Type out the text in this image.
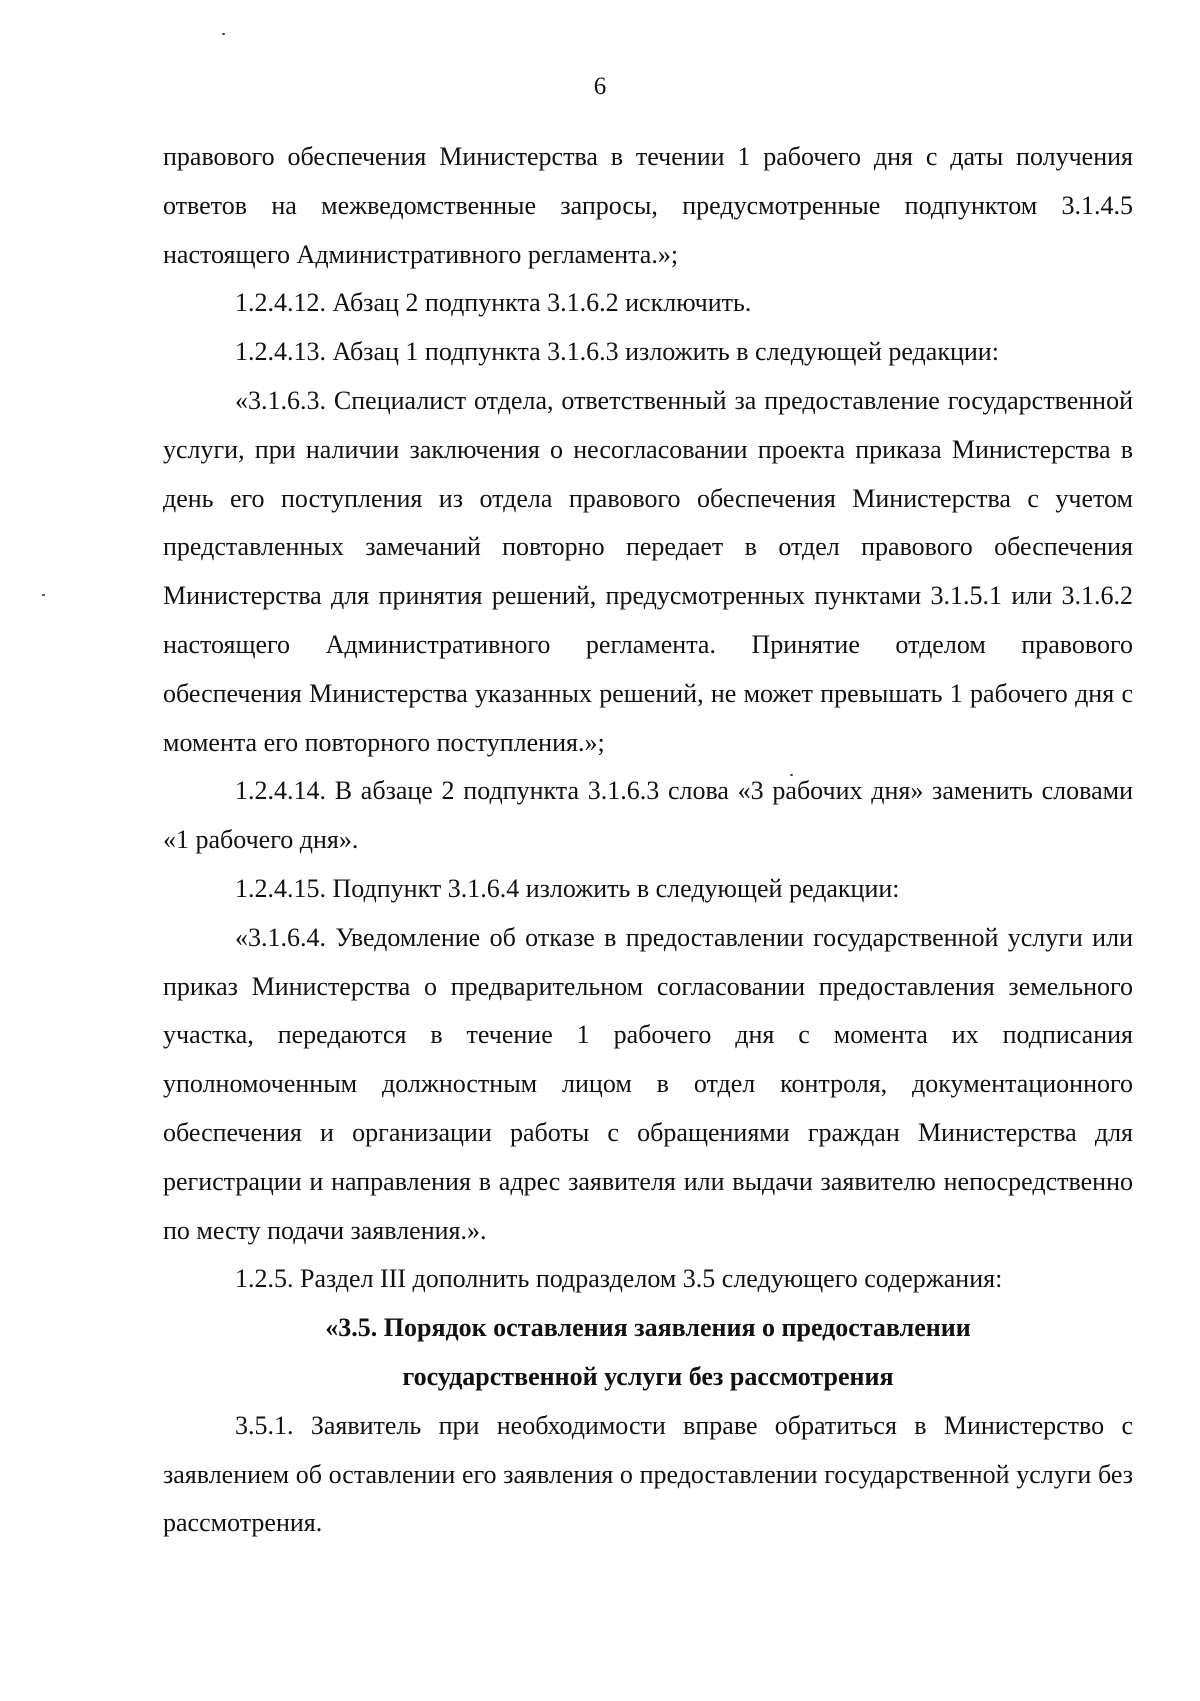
6

правового обеспечения Министерства в течении 1 рабочего дня с даты получения ответов на межведомственные запросы, предусмотренные подпунктом 3.1.4.5 настоящего Административного регламента.»;

1.2.4.12. Абзац 2 подпункта 3.1.6.2 исключить.

1.2.4.13. Абзац 1 подпункта 3.1.6.3 изложить в следующей редакции:

«3.1.6.3. Специалист отдела, ответственный за предоставление государственной услуги, при наличии заключения о несогласовании проекта приказа Министерства в день его поступления из отдела правового обеспечения Министерства с учетом представленных замечаний повторно передает в отдел правового обеспечения Министерства для принятия решений, предусмотренных пунктами 3.1.5.1 или 3.1.6.2 настоящего Административного регламента. Принятие отделом правового обеспечения Министерства указанных решений, не может превышать 1 рабочего дня с момента его повторного поступления.»;

1.2.4.14. В абзаце 2 подпункта 3.1.6.3 слова «3 рабочих дня» заменить словами «1 рабочего дня».

1.2.4.15. Подпункт 3.1.6.4 изложить в следующей редакции:

«3.1.6.4. Уведомление об отказе в предоставлении государственной услуги или приказ Министерства о предварительном согласовании предоставления земельного участка, передаются в течение 1 рабочего дня с момента их подписания уполномоченным должностным лицом в отдел контроля, документационного обеспечения и организации работы с обращениями граждан Министерства для регистрации и направления в адрес заявителя или выдачи заявителю непосредственно по месту подачи заявления.».

1.2.5. Раздел III дополнить подразделом 3.5 следующего содержания:

«3.5. Порядок оставления заявления о предоставлении

государственной услуги без рассмотрения

3.5.1. Заявитель при необходимости вправе обратиться в Министерство с заявлением об оставлении его заявления о предоставлении государственной услуги без рассмотрения.
